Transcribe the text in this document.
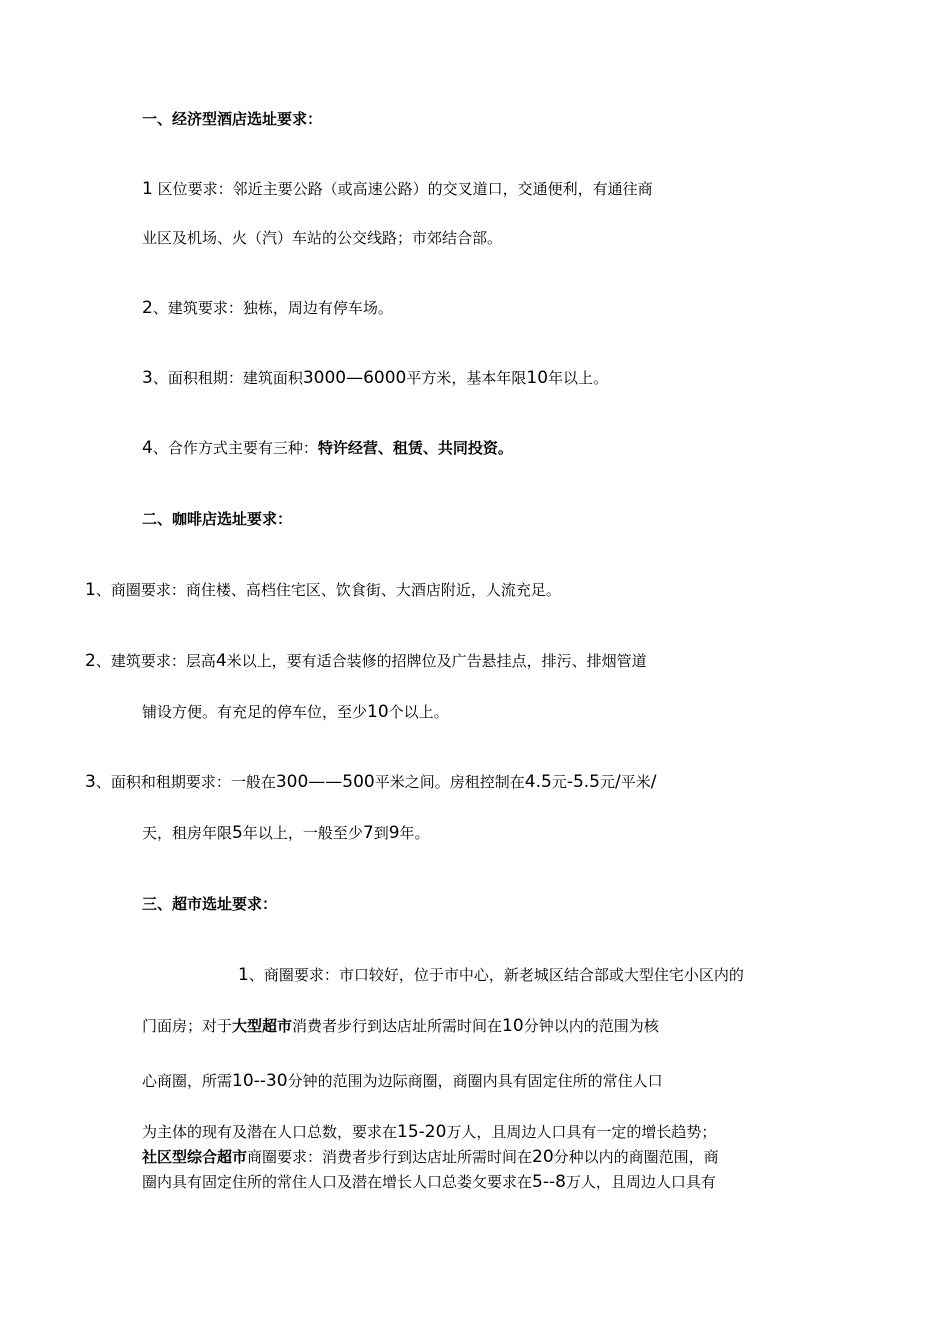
一、经济型酒店选址要求：
1 区位要求：邻近主要公路（或高速公路）的交叉道口，交通便利，有通往商
业区及机场、火（汽）车站的公交线路；市郊结合部。
2、建筑要求：独栋，周边有停车场。
3、面积租期：建筑面积3000—6000平方米，基本年限10年以上。
4、合作方式主要有三种：特许经营、租赁、共同投资。
二、咖啡店选址要求：
1、商圈要求：商住楼、高档住宅区、饮食街、大酒店附近，人流充足。
2、建筑要求：层高4米以上，要有适合装修的招牌位及广告悬挂点，排污、排烟管道
铺设方便。有充足的停车位，至少10个以上。
3、面积和租期要求：一般在300——500平米之间。房租控制在4.5元-5.5元/平米/
天，租房年限5年以上，一般至少7到9年。
三、超市选址要求：
1、商圈要求：市口较好，位于市中心，新老城区结合部或大型住宅小区内的
门面房；对于大型超市消费者步行到达店址所需时间在10分钟以内的范围为核
心商圈，所需10--30分钟的范围为边际商圈，商圈内具有固定住所的常住人口
为主体的现有及潜在人口总数，要求在15-20万人，且周边人口具有一定的增长趋势；
社区型综合超市商圈要求：消费者步行到达店址所需时间在20分种以内的商圈范围，商
圈内具有固定住所的常住人口及潜在增长人口总娄攵要求在5--8万人，且周边人口具有
